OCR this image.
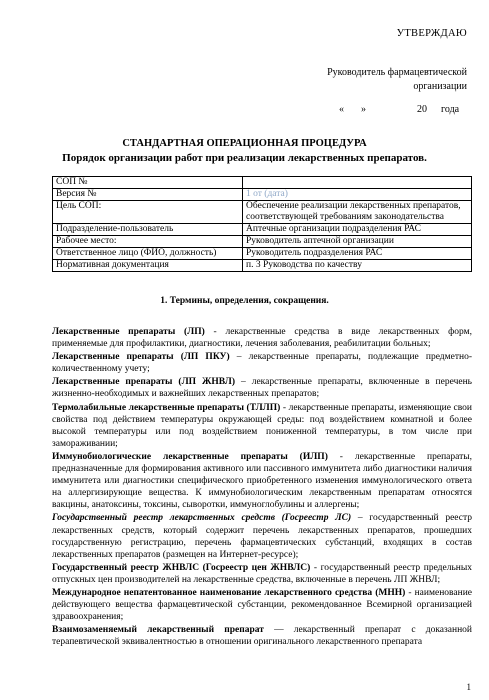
УТВЕРЖДАЮ
Руководитель фармацевтической
организации
«	»	20	года
СТАНДАРТНАЯ ОПЕРАЦИОННАЯ ПРОЦЕДУРА
Порядок организации работ при реализации лекарственных препаратов.
СОП №	
Версия №	1 от (дата)
Цель СОП:	Обеспечение реализации лекарственных препаратов, соответствующей требованиям законодательства
Подразделение-пользователь	Аптечные организации подразделения РАС
Рабочее место:	Руководитель аптечной организации
Ответственное лицо (ФИО, должность)	Руководитель подразделения РАС
Нормативная документация	п. 3 Руководства по качеству
1. Термины, определения, сокращения.

Лекарственные препараты (ЛП) - лекарственные средства в виде лекарственных форм, применяемые для профилактики, диагностики, лечения заболевания, реабилитации больных;

Лекарственные препараты (ЛП ПКУ) – лекарственные препараты, подлежащие предметно-количественному учету;

Лекарственные препараты (ЛП ЖНВЛ) – лекарственные препараты, включенные в перечень жизненно-необходимых и важнейших лекарственных препаратов;

Термолабильные лекарственные препараты (ТЛЛП) - лекарственные препараты, изменяющие свои свойства под действием температуры окружающей среды: под воздействием комнатной и более высокой температуры или под воздействием пониженной температуры, в том числе при замораживании;

Иммунобиологические лекарственные препараты (ИЛП) - лекарственные препараты, предназначенные для формирования активного или пассивного иммунитета либо диагностики наличия иммунитета или диагностики специфического приобретенного изменения иммунологического ответа на аллергизирующие вещества. К иммунобиологическим лекарственным препаратам относятся вакцины, анатоксины, токсины, сыворотки, иммуноглобулины и аллергены;

Государственный реестр лекарственных средств (Госреестр ЛС) – государственный реестр лекарственных средств, который содержит перечень лекарственных препаратов, прошедших государственную регистрацию, перечень фармацевтических субстанций, входящих в состав лекарственных препаратов (размещен на Интернет-ресурсе);

Государственный реестр ЖНВЛС (Госреестр цен ЖНВЛС) - государственный реестр предельных отпускных цен производителей на лекарственные средства, включенные в перечень ЛП ЖНВЛ;

Международное непатентованное наименование лекарственного средства (МНН) - наименование действующего вещества фармацевтической субстанции, рекомендованное Всемирной организацией здравоохранения;

Взаимозаменяемый лекарственный препарат — лекарственный препарат с доказанной терапевтической эквивалентностью в отношении оригинального лекарственного препарата

1
